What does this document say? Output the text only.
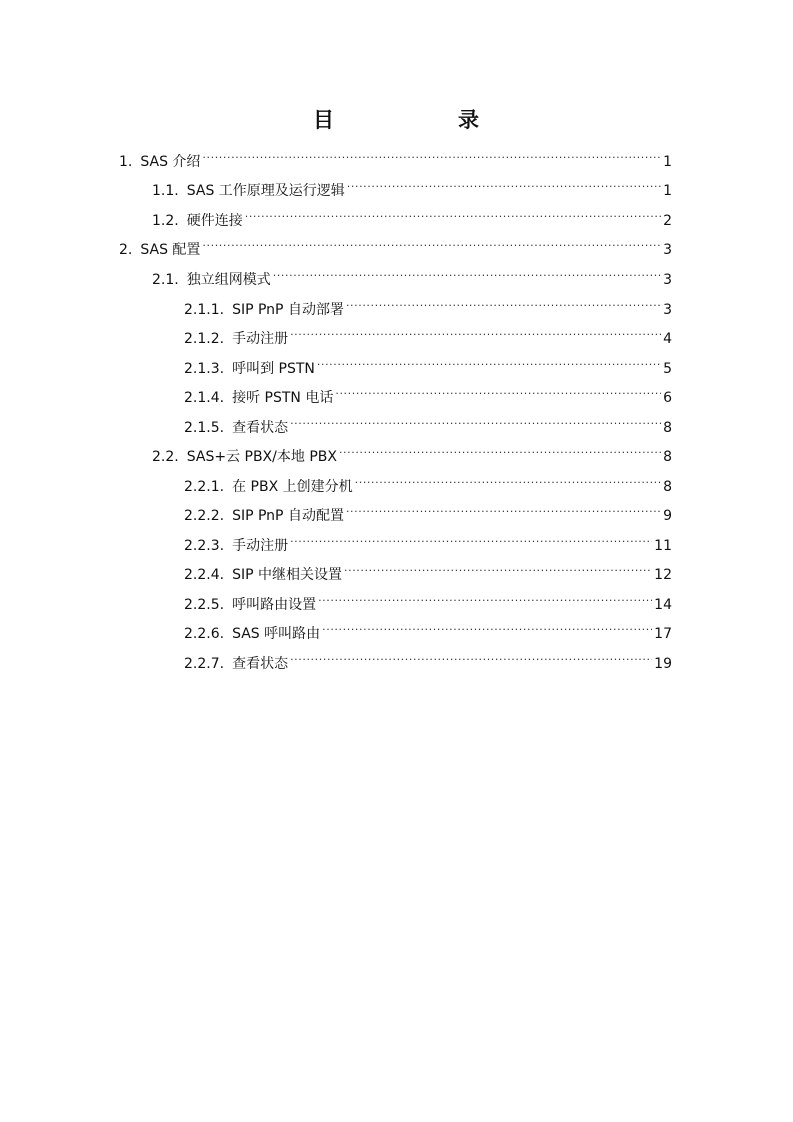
目	录
1. SAS 介绍 .....	1
1.1. SAS 工作原理及运行逻辑 .....	1
1.2. 硬件连接 .....	2
2. SAS 配置 .....	3
2.1. 独立组网模式 .....	3
2.1.1. SIP PnP 自动部署 .....	3
2.1.2. 手动注册 .....	4
2.1.3. 呼叫到 PSTN .....	5
2.1.4. 接听 PSTN 电话 .....	6
2.1.5. 查看状态 .....	8
2.2. SAS+云 PBX/本地 PBX .....	8
2.2.1. 在 PBX 上创建分机 .....	8
2.2.2. SIP PnP 自动配置 .....	9
2.2.3. 手动注册 .....	11
2.2.4. SIP 中继相关设置 .....	12
2.2.5. 呼叫路由设置 .....	14
2.2.6. SAS 呼叫路由 .....	17
2.2.7. 查看状态 .....	19
